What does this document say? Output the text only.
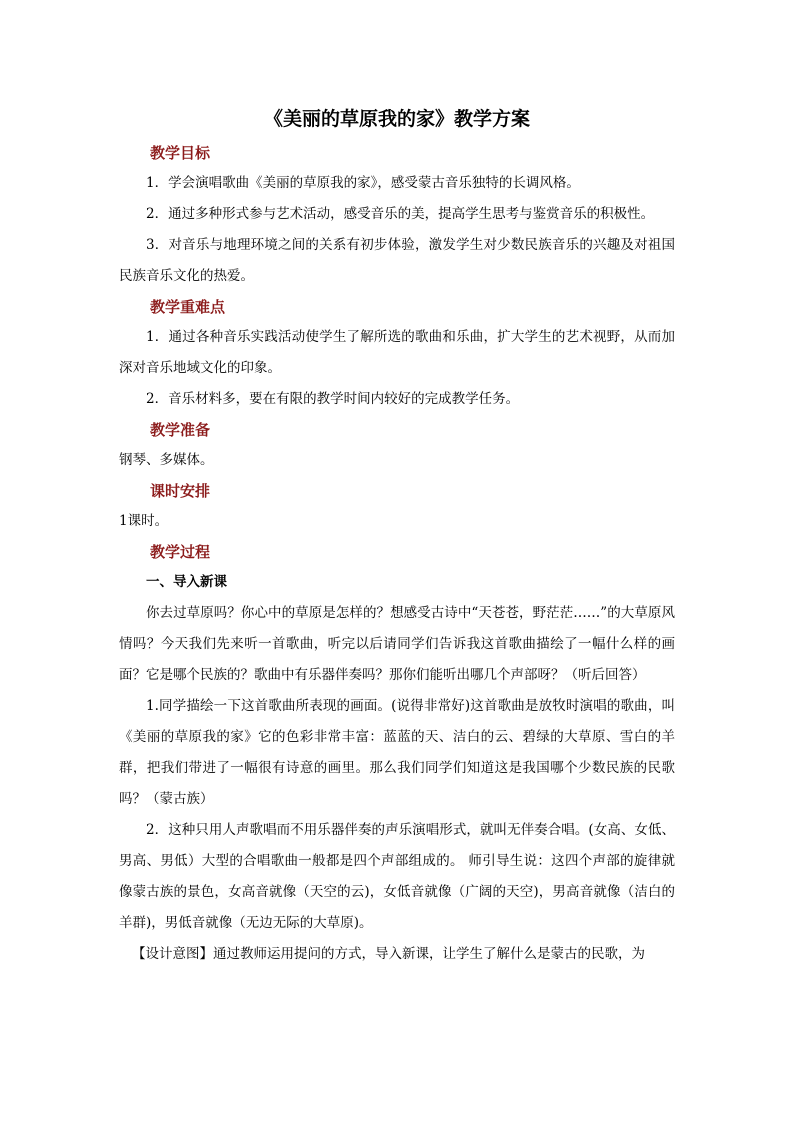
《美丽的草原我的家》教学方案
教学目标

1．学会演唱歌曲《美丽的草原我的家》，感受蒙古音乐独特的长调风格。

2．通过多种形式参与艺术活动，感受音乐的美，提高学生思考与鉴赏音乐的积极性。

3．对音乐与地理环境之间的关系有初步体验，激发学生对少数民族音乐的兴趣及对祖国民族音乐文化的热爱。

教学重难点

1．通过各种音乐实践活动使学生了解所选的歌曲和乐曲，扩大学生的艺术视野，从而加深对音乐地域文化的印象。

2．音乐材料多，要在有限的教学时间内较好的完成教学任务。

教学准备

钢琴、多媒体。

课时安排

1课时。

教学过程
一、导入新课

你去过草原吗？你心中的草原是怎样的？想感受古诗中“天苍苍，野茫茫……”的大草原风情吗？今天我们先来听一首歌曲，听完以后请同学们告诉我这首歌曲描绘了一幅什么样的画面？它是哪个民族的？歌曲中有乐器伴奏吗？那你们能听出哪几个声部呀？（听后回答）

1.同学描绘一下这首歌曲所表现的画面。(说得非常好)这首歌曲是放牧时演唱的歌曲，叫《美丽的草原我的家》它的色彩非常丰富：蓝蓝的天、洁白的云、碧绿的大草原、雪白的羊群，把我们带进了一幅很有诗意的画里。那么我们同学们知道这是我国哪个少数民族的民歌吗？（蒙古族）

2．这种只用人声歌唱而不用乐器伴奏的声乐演唱形式，就叫无伴奏合唱。(女高、女低、男高、男低）大型的合唱歌曲一般都是四个声部组成的。 师引导生说：这四个声部的旋律就像蒙古族的景色，女高音就像（天空的云)，女低音就像（广阔的天空)，男高音就像（洁白的羊群)，男低音就像（无边无际的大草原)。

【设计意图】通过教师运用提问的方式，导入新课，让学生了解什么是蒙古的民歌，为
